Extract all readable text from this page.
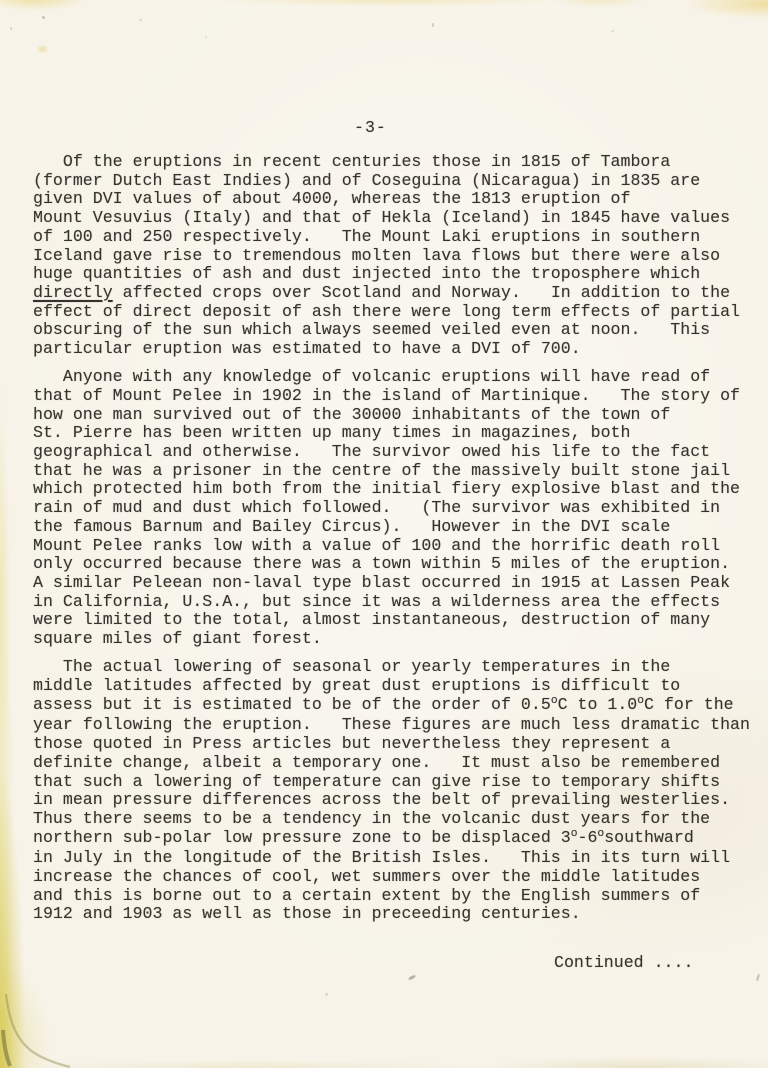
-3-
Of the eruptions in recent centuries those in 1815 of Tambora
(former Dutch East Indies) and of Coseguina (Nicaragua) in 1835 are
given DVI values of about 4000, whereas the 1813 eruption of
Mount Vesuvius (Italy) and that of Hekla (Iceland) in 1845 have values
of 100 and 250 respectively.   The Mount Laki eruptions in southern
Iceland gave rise to tremendous molten lava flows but there were also
huge quantities of ash and dust injected into the troposphere which
directly affected crops over Scotland and Norway.   In addition to the
effect of direct deposit of ash there were long term effects of partial
obscuring of the sun which always seemed veiled even at noon.   This
particular eruption was estimated to have a DVI of 700.
Anyone with any knowledge of volcanic eruptions will have read of
that of Mount Pelee in 1902 in the island of Martinique.   The story of
how one man survived out of the 30000 inhabitants of the town of
St. Pierre has been written up many times in magazines, both
geographical and otherwise.   The survivor owed his life to the fact
that he was a prisoner in the centre of the massively built stone jail
which protected him both from the initial fiery explosive blast and the
rain of mud and dust which followed.   (The survivor was exhibited in
the famous Barnum and Bailey Circus).   However in the DVI scale
Mount Pelee ranks low with a value of 100 and the horrific death roll
only occurred because there was a town within 5 miles of the eruption.
A similar Peleean non-laval type blast occurred in 1915 at Lassen Peak
in California, U.S.A., but since it was a wilderness area the effects
were limited to the total, almost instantaneous, destruction of many
square miles of giant forest.
The actual lowering of seasonal or yearly temperatures in the
middle latitudes affected by great dust eruptions is difficult to
assess but it is estimated to be of the order of 0.5oC to 1.0oC for the
year following the eruption.   These figures are much less dramatic than
those quoted in Press articles but nevertheless they represent a
definite change, albeit a temporary one.   It must also be remembered
that such a lowering of temperature can give rise to temporary shifts
in mean pressure differences across the belt of prevailing westerlies.
Thus there seems to be a tendency in the volcanic dust years for the
northern sub-polar low pressure zone to be displaced 3o-6osouthward
in July in the longitude of the British Isles.   This in its turn will
increase the chances of cool, wet summers over the middle latitudes
and this is borne out to a certain extent by the English summers of
1912 and 1903 as well as those in preceeding centuries.
Continued ....
